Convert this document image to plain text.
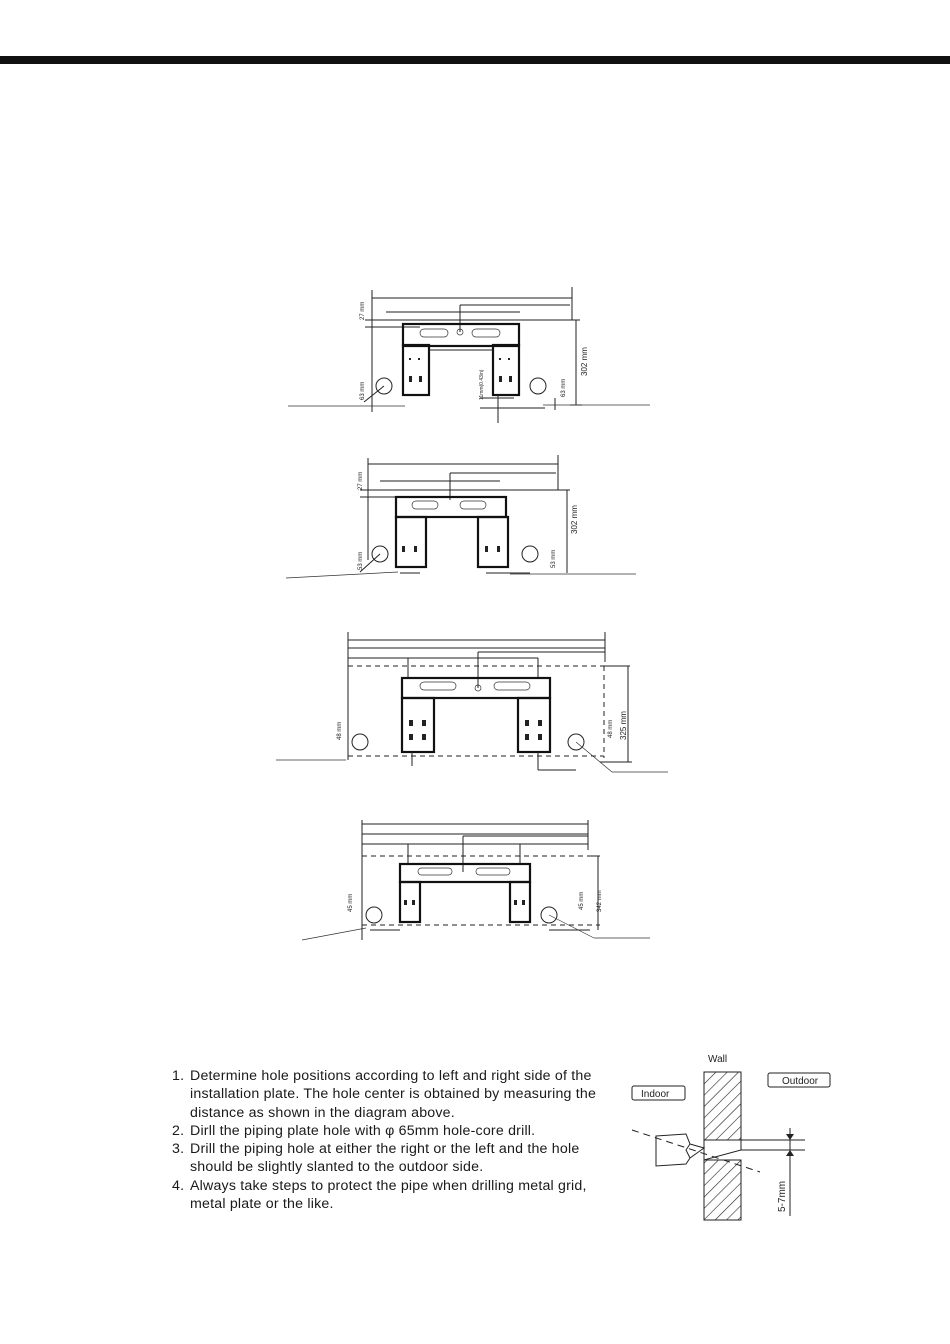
27 mm
302 mm
63 mm	63 mm
11mm(0.43in)
27 mm
302 mm
53 mm	53 mm
325 mm
48 mm	48 mm
342 mm
45 mm	45 mm
1. Determine hole positions according to left and right side of the installation plate. The hole center is obtained by measuring the distance as shown in the diagram above.
2. Dirll the piping plate hole with φ 65mm hole-core drill.
3. Drill the piping hole at either the right or the left and the hole should be slightly slanted to the outdoor side.
4. Always take steps to protect the pipe when drilling metal grid, metal plate or the like.
Wall
Indoor
Outdoor
5-7mm
